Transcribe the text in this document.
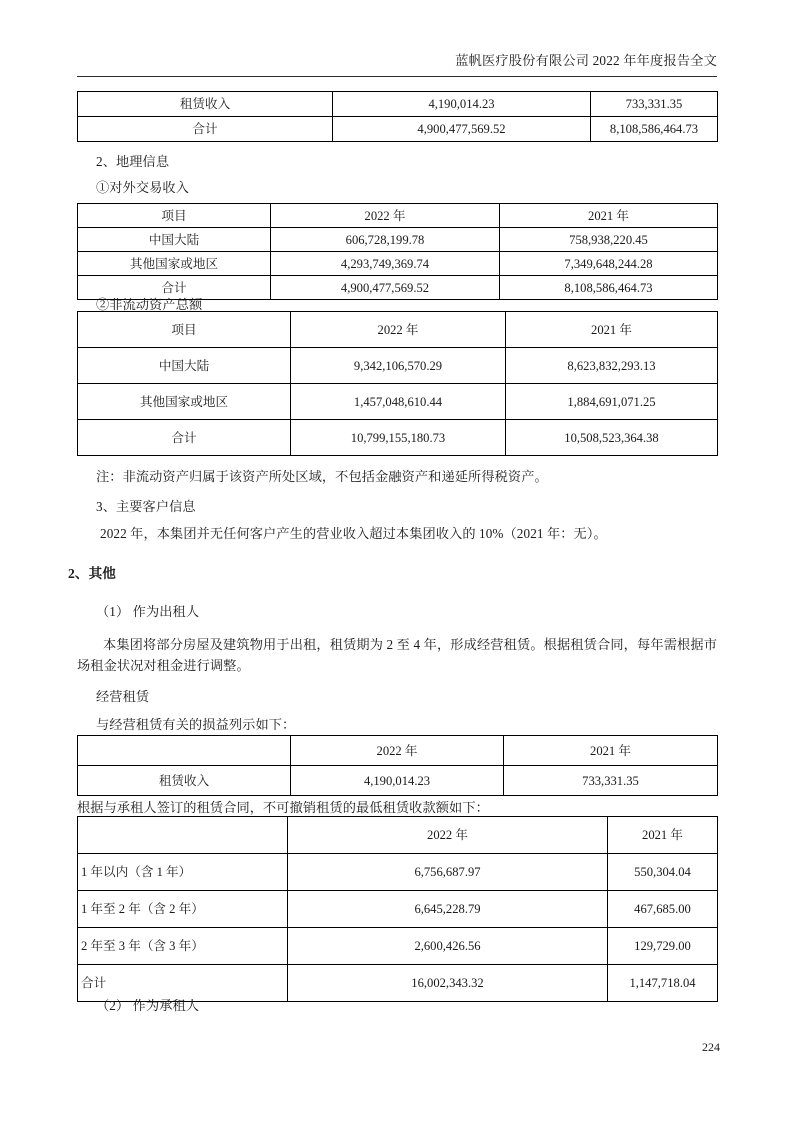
蓝帆医疗股份有限公司 2022 年年度报告全文
租赁收入	4,190,014.23	733,331.35
合计	4,900,477,569.52	8,108,586,464.73
2、地理信息
①对外交易收入
项目	2022 年	2021 年
中国大陆	606,728,199.78	758,938,220.45
其他国家或地区	4,293,749,369.74	7,349,648,244.28
合计	4,900,477,569.52	8,108,586,464.73
②非流动资产总额
项目	2022 年	2021 年
中国大陆	9,342,106,570.29	8,623,832,293.13
其他国家或地区	1,457,048,610.44	1,884,691,071.25
合计	10,799,155,180.73	10,508,523,364.38
注：非流动资产归属于该资产所处区域，不包括金融资产和递延所得税资产。
3、主要客户信息
2022 年，本集团并无任何客户产生的营业收入超过本集团收入的 10%（2021 年：无）。
2、其他
（1） 作为出租人
本集团将部分房屋及建筑物用于出租，租赁期为 2 至 4 年，形成经营租赁。根据租赁合同，每年需根据市场租金状况对租金进行调整。
经营租赁
与经营租赁有关的损益列示如下：
	2022 年	2021 年
租赁收入	4,190,014.23	733,331.35
根据与承租人签订的租赁合同，不可撤销租赁的最低租赁收款额如下：
	2022 年	2021 年
1 年以内（含 1 年）	6,756,687.97	550,304.04
1 年至 2 年（含 2 年）	6,645,228.79	467,685.00
2 年至 3 年（含 3 年）	2,600,426.56	129,729.00
合计	16,002,343.32	1,147,718.04
（2） 作为承租人
224
